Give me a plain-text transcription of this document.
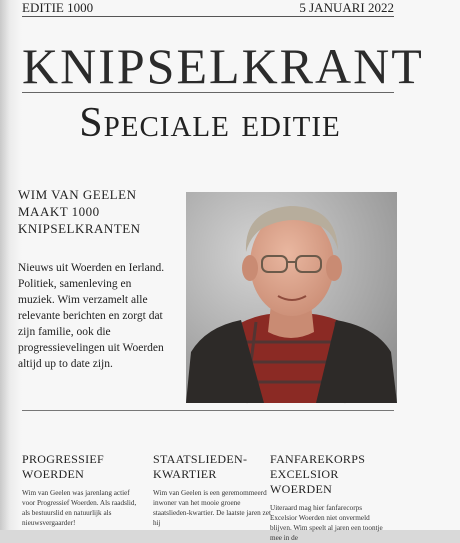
EDITIE 1000	5 JANUARI 2022
KNIPSELKRANT
Speciale editie
WIM VAN GEELEN MAAKT 1000 KNIPSELKRANTEN
Nieuws uit Woerden en Ierland. Politiek, samenleving en muziek. Wim verzamelt alle relevante berichten en zorgt dat zijn familie, ook die progressievelingen uit Woerden altijd up to date zijn.
PROGRESSIEF WOERDEN

Wim van Geelen was jarenlang actief voor Progressief Woerden. Als raadslid, als bestuurslid en natuurlijk als nieuwsvergaarder!

STAATSLIEDEN-KWARTIER

Wim van Geelen is een geremommeerd inwoner van het mooie groene staatslieden-kwartier. De laatste jaren zet hij

FANFAREKORPS EXCELSIOR WOERDEN

Uiteraard mag hier fanfarecorps Excelsior Woerden niet onvermeld blijven. Wim speelt al jaren een toontje mee in de
